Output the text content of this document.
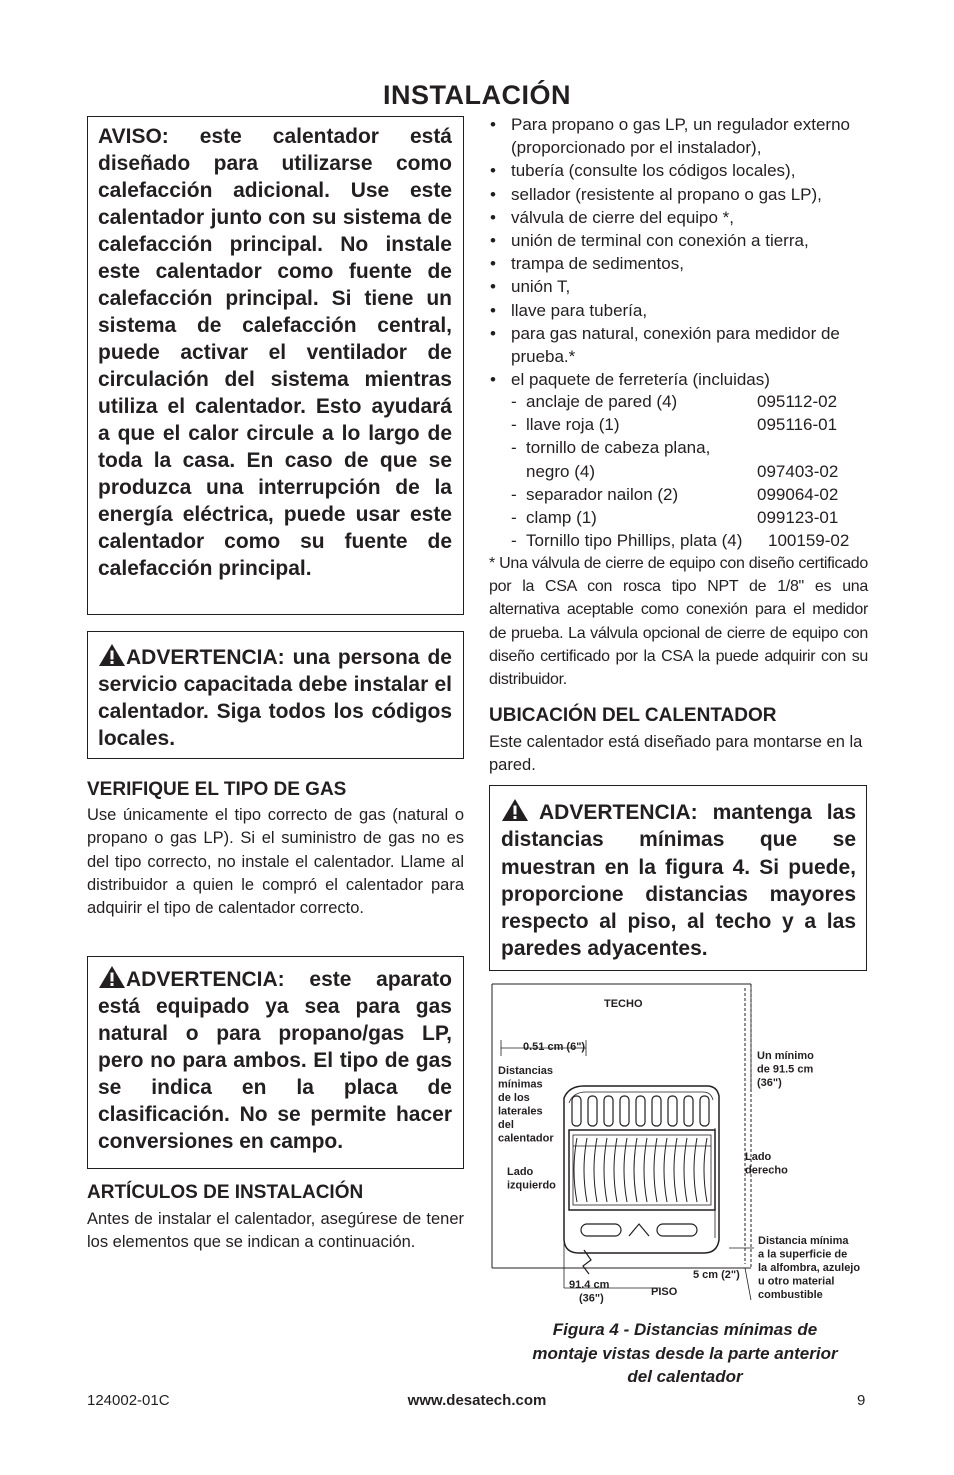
INSTALACIÓN
AVISO: este calentador está diseñado para utilizarse como calefacción adicional. Use este calentador junto con su sistema de calefacción principal. No instale este calentador como fuente de calefacción principal. Si tiene un sistema de calefacción central, puede activar el ventilador de circulación del sistema mientras utiliza el calentador. Esto ayudará a que el calor circule a lo largo de toda la casa. En caso de que se produzca una interrupción de la energía eléctrica, puede usar este calentador como su fuente de calefacción principal.
ADVERTENCIA: una persona de servicio capacitada debe instalar el calentador. Siga todos los códigos locales.
VERIFIQUE EL TIPO DE GAS
Use únicamente el tipo correcto de gas (natural o propano o gas LP). Si el suministro de gas no es del tipo correcto, no instale el calentador. Llame al distribuidor a quien le compró el calentador para adquirir el tipo de calentador correcto.
ADVERTENCIA: este aparato está equipado ya sea para gas natural o para propano/gas LP, pero no para ambos. El tipo de gas se indica en la placa de clasificación. No se permite hacer conversiones en campo.
ARTÍCULOS DE INSTALACIÓN
Antes de instalar el calentador, asegúrese de tener los elementos que se indican a continuación.
• Para propano o gas LP, un regulador externo (proporcionado por el instalador),
• tubería (consulte los códigos locales),
• sellador (resistente al propano o gas LP),
• válvula de cierre del equipo *,
• unión de terminal con conexión a tierra,
• trampa de sedimentos,
• unión T,
• llave para tubería,
• para gas natural, conexión para medidor de prueba.*
• el paquete de ferretería (incluidas)
- anclaje de pared (4)	095112-02
- llave roja (1)	095116-01
- tornillo de cabeza plana,
negro (4)	097403-02
- separador nailon (2)	099064-02
- clamp (1)	099123-01
- Tornillo tipo Phillips, plata (4) 100159-02
* Una válvula de cierre de equipo con diseño certificado por la CSA con rosca tipo NPT de 1/8" es una alternativa aceptable como conexión para el medidor de prueba. La válvula opcional de cierre de equipo con diseño certificado por la CSA la puede adquirir con su distribuidor.
UBICACIÓN DEL CALENTADOR
Este calentador está diseñado para montarse en la pared.
ADVERTENCIA: mantenga las distancias mínimas que se muestran en la figura 4. Si puede, proporcione distancias mayores respecto al piso, al techo y a las paredes adyacentes.
TECHO
0.51 cm (6")
Distancias mínimas de los laterales del calentador
Lado izquierdo
Lado derecho
Un mínimo de 91.5 cm (36")
91.4 cm (36")
PISO
5 cm (2")
Distancia mínima a la superficie de la alfombra, azulejo u otro material combustible
Figura 4 - Distancias mínimas de
montaje vistas desde la parte anterior
del calentador
124002-01C	www.desatech.com	9
